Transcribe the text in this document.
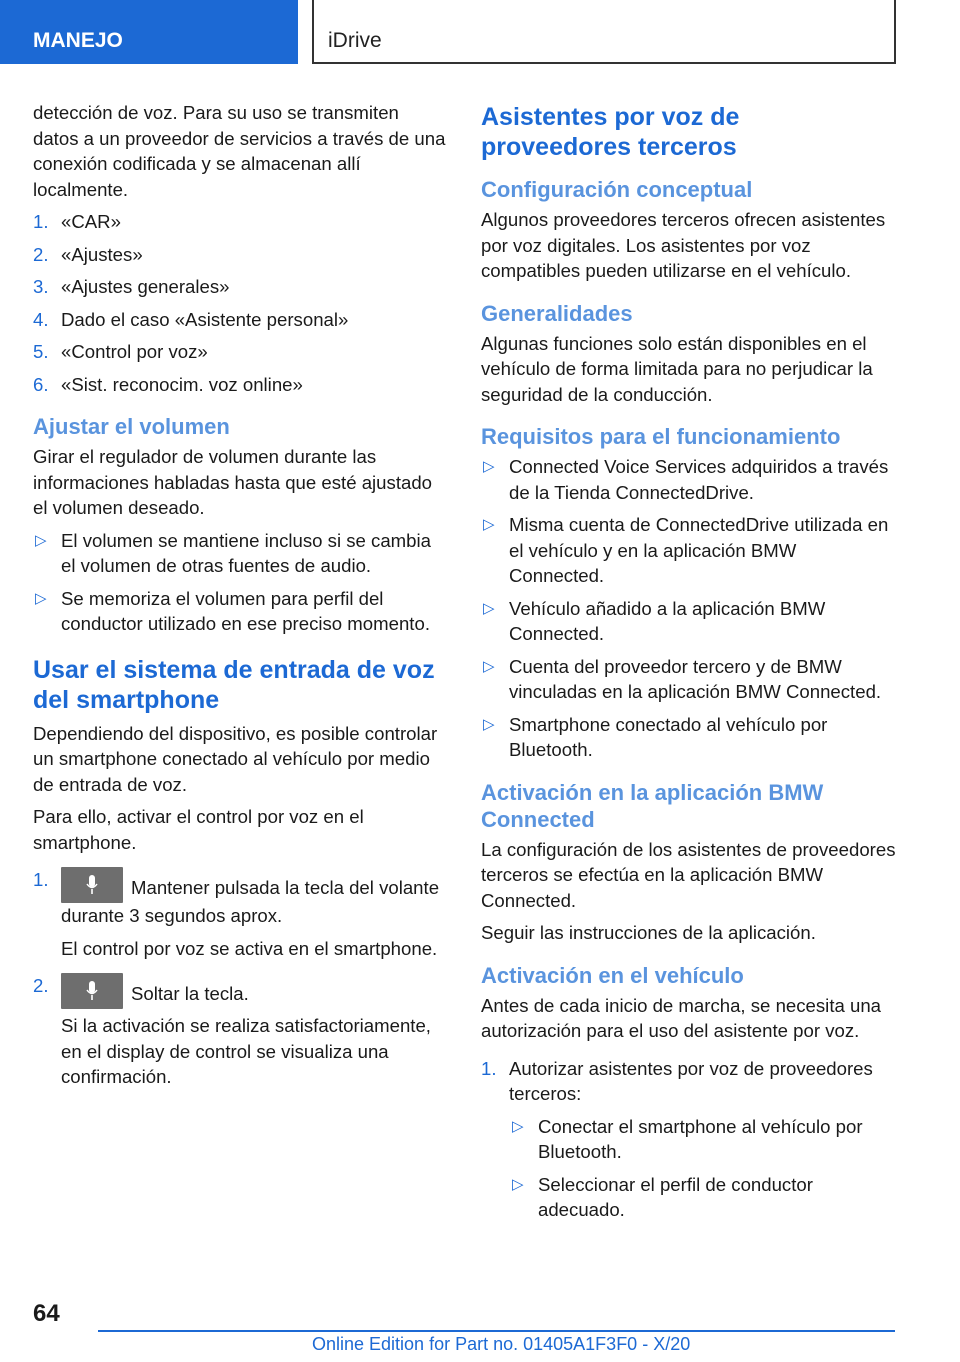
MANEJO	iDrive

detección de voz. Para su uso se transmiten datos a un proveedor de servicios a través de una conexión codificada y se almacenan allí localmente.

1. «CAR»
2. «Ajustes»
3. «Ajustes generales»
4. Dado el caso «Asistente personal»
5. «Control por voz»
6. «Sist. reconocim. voz online»
Ajustar el volumen

Girar el regulador de volumen durante las informaciones habladas hasta que esté ajustado el volumen deseado.

▷ El volumen se mantiene incluso si se cambia el volumen de otras fuentes de audio.
▷ Se memoriza el volumen para perfil del conductor utilizado en ese preciso momento.
Usar el sistema de entrada de voz del smartphone

Dependiendo del dispositivo, es posible controlar un smartphone conectado al vehículo por medio de entrada de voz.

Para ello, activar el control por voz en el smartphone.

1.	Mantener pulsada la tecla del volante durante 3 segundos aprox.

El control por voz se activa en el smartphone.

2.	Soltar la tecla.

Si la activación se realiza satisfactoriamente, en el display de control se visualiza una confirmación.

Asistentes por voz de proveedores terceros
Configuración conceptual

Algunos proveedores terceros ofrecen asistentes por voz digitales. Los asistentes por voz compatibles pueden utilizarse en el vehículo.

Generalidades

Algunas funciones solo están disponibles en el vehículo de forma limitada para no perjudicar la seguridad de la conducción.

Requisitos para el funcionamiento
▷ Connected Voice Services adquiridos a través de la Tienda ConnectedDrive.
▷ Misma cuenta de ConnectedDrive utilizada en el vehículo y en la aplicación BMW Connected.
▷ Vehículo añadido a la aplicación BMW Connected.
▷ Cuenta del proveedor tercero y de BMW vinculadas en la aplicación BMW Connected.
▷ Smartphone conectado al vehículo por Bluetooth.
Activación en la aplicación BMW Connected

La configuración de los asistentes de proveedores terceros se efectúa en la aplicación BMW Connected.

Seguir las instrucciones de la aplicación.

Activación en el vehículo

Antes de cada inicio de marcha, se necesita una autorización para el uso del asistente por voz.

1. Autorizar asistentes por voz de proveedores terceros:
▷ Conectar el smartphone al vehículo por Bluetooth.
▷ Seleccionar el perfil de conductor adecuado.
64
Online Edition for Part no. 01405A1F3F0 - X/20
